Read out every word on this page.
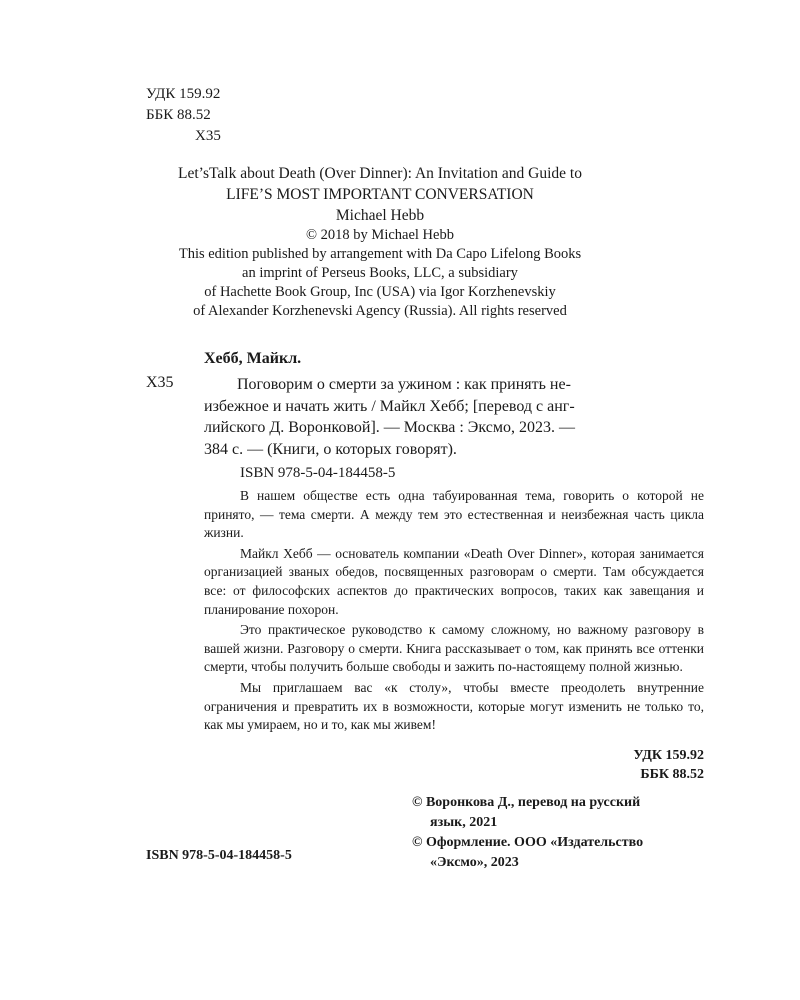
УДК 159.92
ББК 88.52
Х35
Let’sTalk about Death (Over Dinner): An Invitation and Guide to
LIFE’S MOST IMPORTANT CONVERSATION
Michael Hebb
© 2018 by Michael Hebb
This edition published by arrangement with Da Capo Lifelong Books
an imprint of Perseus Books, LLC, a subsidiary
of Hachette Book Group, Inc (USA) via Igor Korzhenevskiy
of Alexander Korzhenevski Agency (Russia). All rights reserved
Хебб, Майкл.
Х35	Поговорим о смерти за ужином : как принять не-
избежное и начать жить / Майкл Хебб; [перевод с анг-
лийского Д. Воронковой]. — Москва : Эксмо, 2023. —
384 с. — (Книги, о которых говорят).
ISBN 978-5-04-184458-5

В нашем обществе есть одна табуированная тема, говорить о которой не принято, — тема смерти. А между тем это естественная и неизбежная часть цикла жизни.

Майкл Хебб — основатель компании «Death Over Dinner», которая занимается организацией званых обедов, посвященных разговорам о смерти. Там обсуждается все: от философских аспектов до практических вопросов, таких как завещания и планирование похорон.

Это практическое руководство к самому сложному, но важному разговору в вашей жизни. Разговору о смерти. Книга рассказывает о том, как принять все оттенки смерти, чтобы получить больше свободы и зажить по-настоящему полной жизнью.

Мы приглашаем вас «к столу», чтобы вместе преодолеть внутренние ограничения и превратить их в возможности, которые могут изменить не только то, как мы умираем, но и то, как мы живем!

УДК 159.92
ББК 88.52
© Воронкова Д., перевод на русский
язык, 2021
© Оформление. ООО «Издательство
«Эксмо», 2023
ISBN 978-5-04-184458-5
